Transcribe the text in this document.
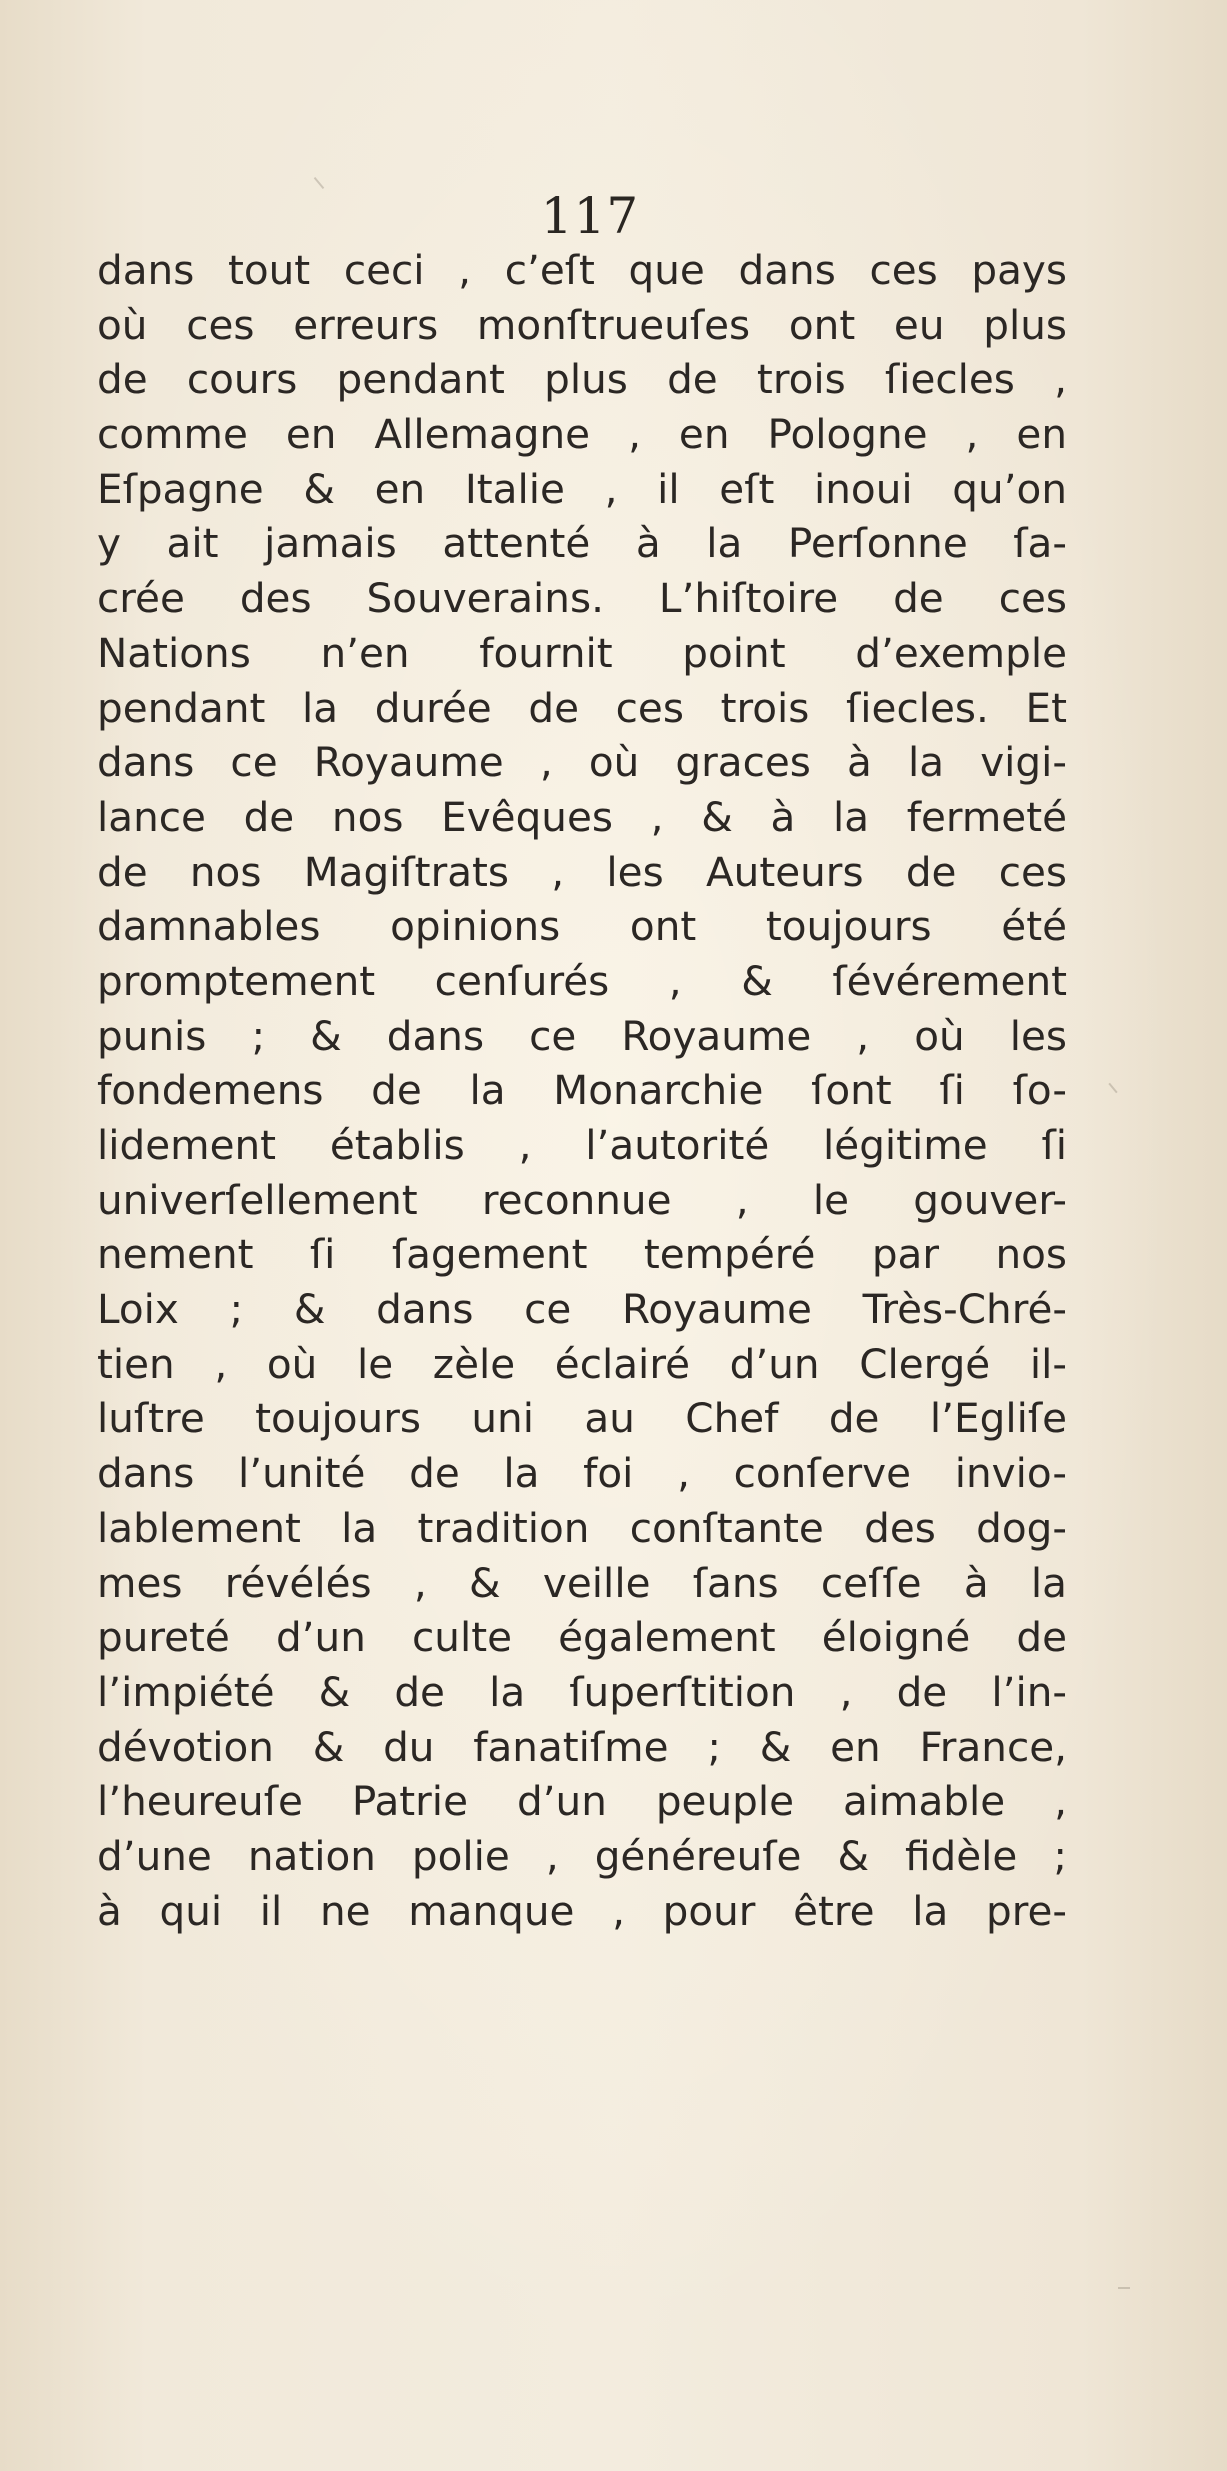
117
dans tout ceci , c’eſt que dans ces pays
où ces erreurs monſtrueuſes ont eu plus
de cours pendant plus de trois ſiecles ,
comme en Allemagne , en Pologne , en
Eſpagne & en Italie , il eſt inoui qu’on
y ait jamais attenté à la Perſonne ſa-
crée des Souverains. L’hiſtoire de ces
Nations n’en fournit point d’exemple
pendant la durée de ces trois ſiecles. Et
dans ce Royaume , où graces à la vigi-
lance de nos Evêques , & à la fermeté
de nos Magiſtrats , les Auteurs de ces
damnables opinions ont toujours été
promptement cenſurés , & ſévérement
punis ; & dans ce Royaume , où les
fondemens de la Monarchie ſont ſi ſo-
lidement établis , l’autorité légitime ſi
univerſellement reconnue , le gouver-
nement ſi ſagement tempéré par nos
Loix ; & dans ce Royaume Très-Chré-
tien , où le zèle éclairé d’un Clergé il-
luſtre toujours uni au Chef de l’Egliſe
dans l’unité de la foi , conſerve invio-
lablement la tradition conſtante des dog-
mes révélés , & veille ſans ceſſe à la
pureté d’un culte également éloigné de
l’impiété & de la ſuperſtition , de l’in-
dévotion & du fanatiſme ; & en France,
l’heureuſe Patrie d’un peuple aimable ,
d’une nation polie , généreuſe & fidèle ;
à qui il ne manque , pour être la pre-
